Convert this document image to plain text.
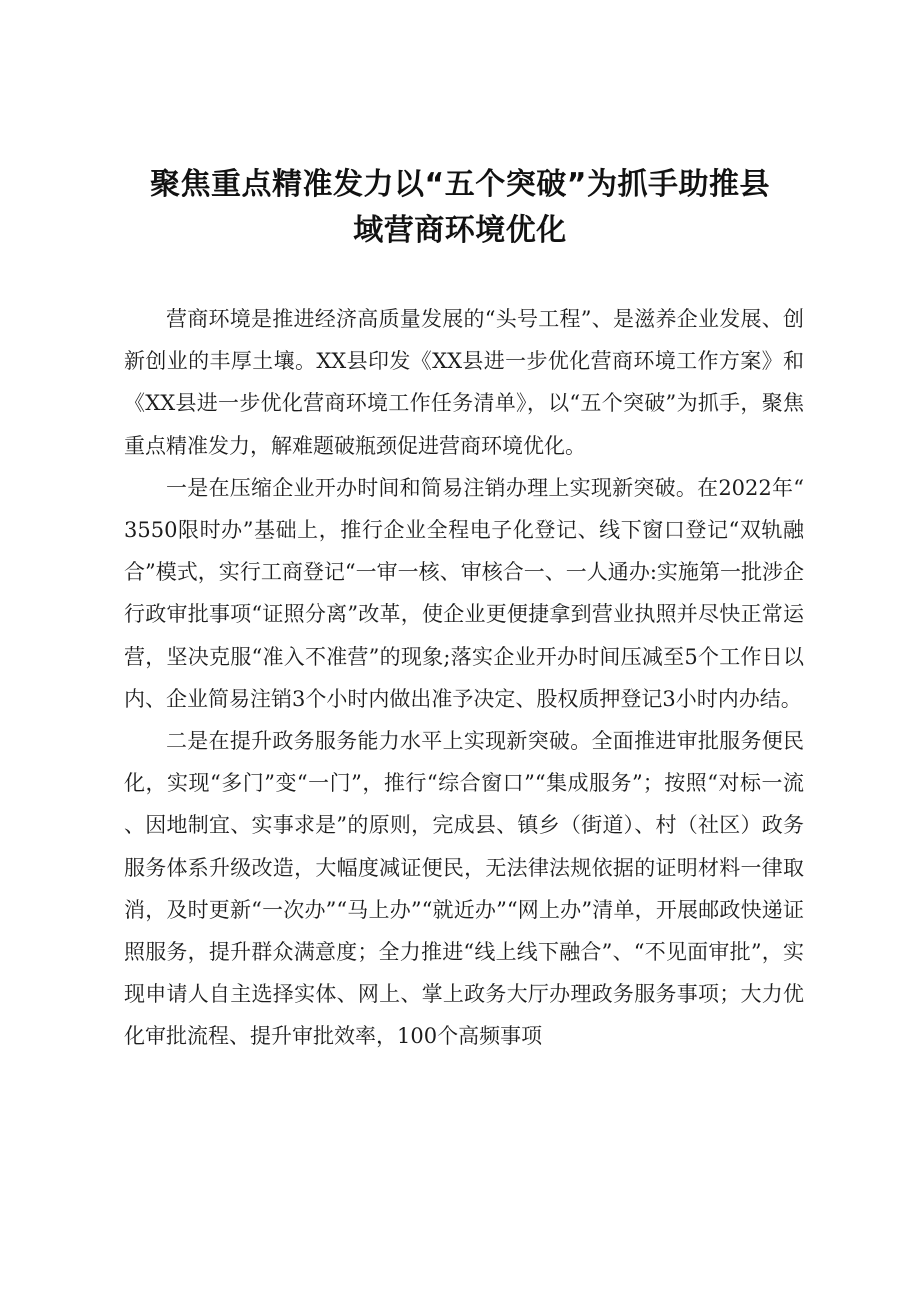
聚焦重点精准发力以“五个突破”为抓手助推县
域营商环境优化

营商环境是推进经济高质量发展的“头号工程”、是滋养企业发展、创新创业的丰厚土壤。XX县印发《XX县进一步优化营商环境工作方案》和《XX县进一步优化营商环境工作任务清单》，以“五个突破”为抓手，聚焦重点精准发力，解难题破瓶颈促进营商环境优化。

一是在压缩企业开办时间和简易注销办理上实现新突破。在2022年“3550限时办”基础上，推行企业全程电子化登记、线下窗口登记“双轨融合”模式，实行工商登记“一审一核、审核合一、一人通办:实施第一批涉企行政审批事项“证照分离”改革，使企业更便捷拿到营业执照并尽快正常运营，坚决克服“准入不准营”的现象;落实企业开办时间压减至5个工作日以内、企业简易注销3个小时内做出准予决定、股权质押登记3小时内办结。

二是在提升政务服务能力水平上实现新突破。全面推进审批服务便民化，实现“多门”变“一门”，推行“综合窗口”“集成服务”；按照“对标一流、因地制宜、实事求是”的原则，完成县、镇乡（街道）、村（社区）政务服务体系升级改造，大幅度减证便民，无法律法规依据的证明材料一律取消，及时更新“一次办”“马上办”“就近办”“网上办”清单，开展邮政快递证照服务，提升群众满意度；全力推进“线上线下融合”、“不见面审批”，实现申请人自主选择实体、网上、掌上政务大厅办理政务服务事项；大力优化审批流程、提升审批效率，100个高频事项
